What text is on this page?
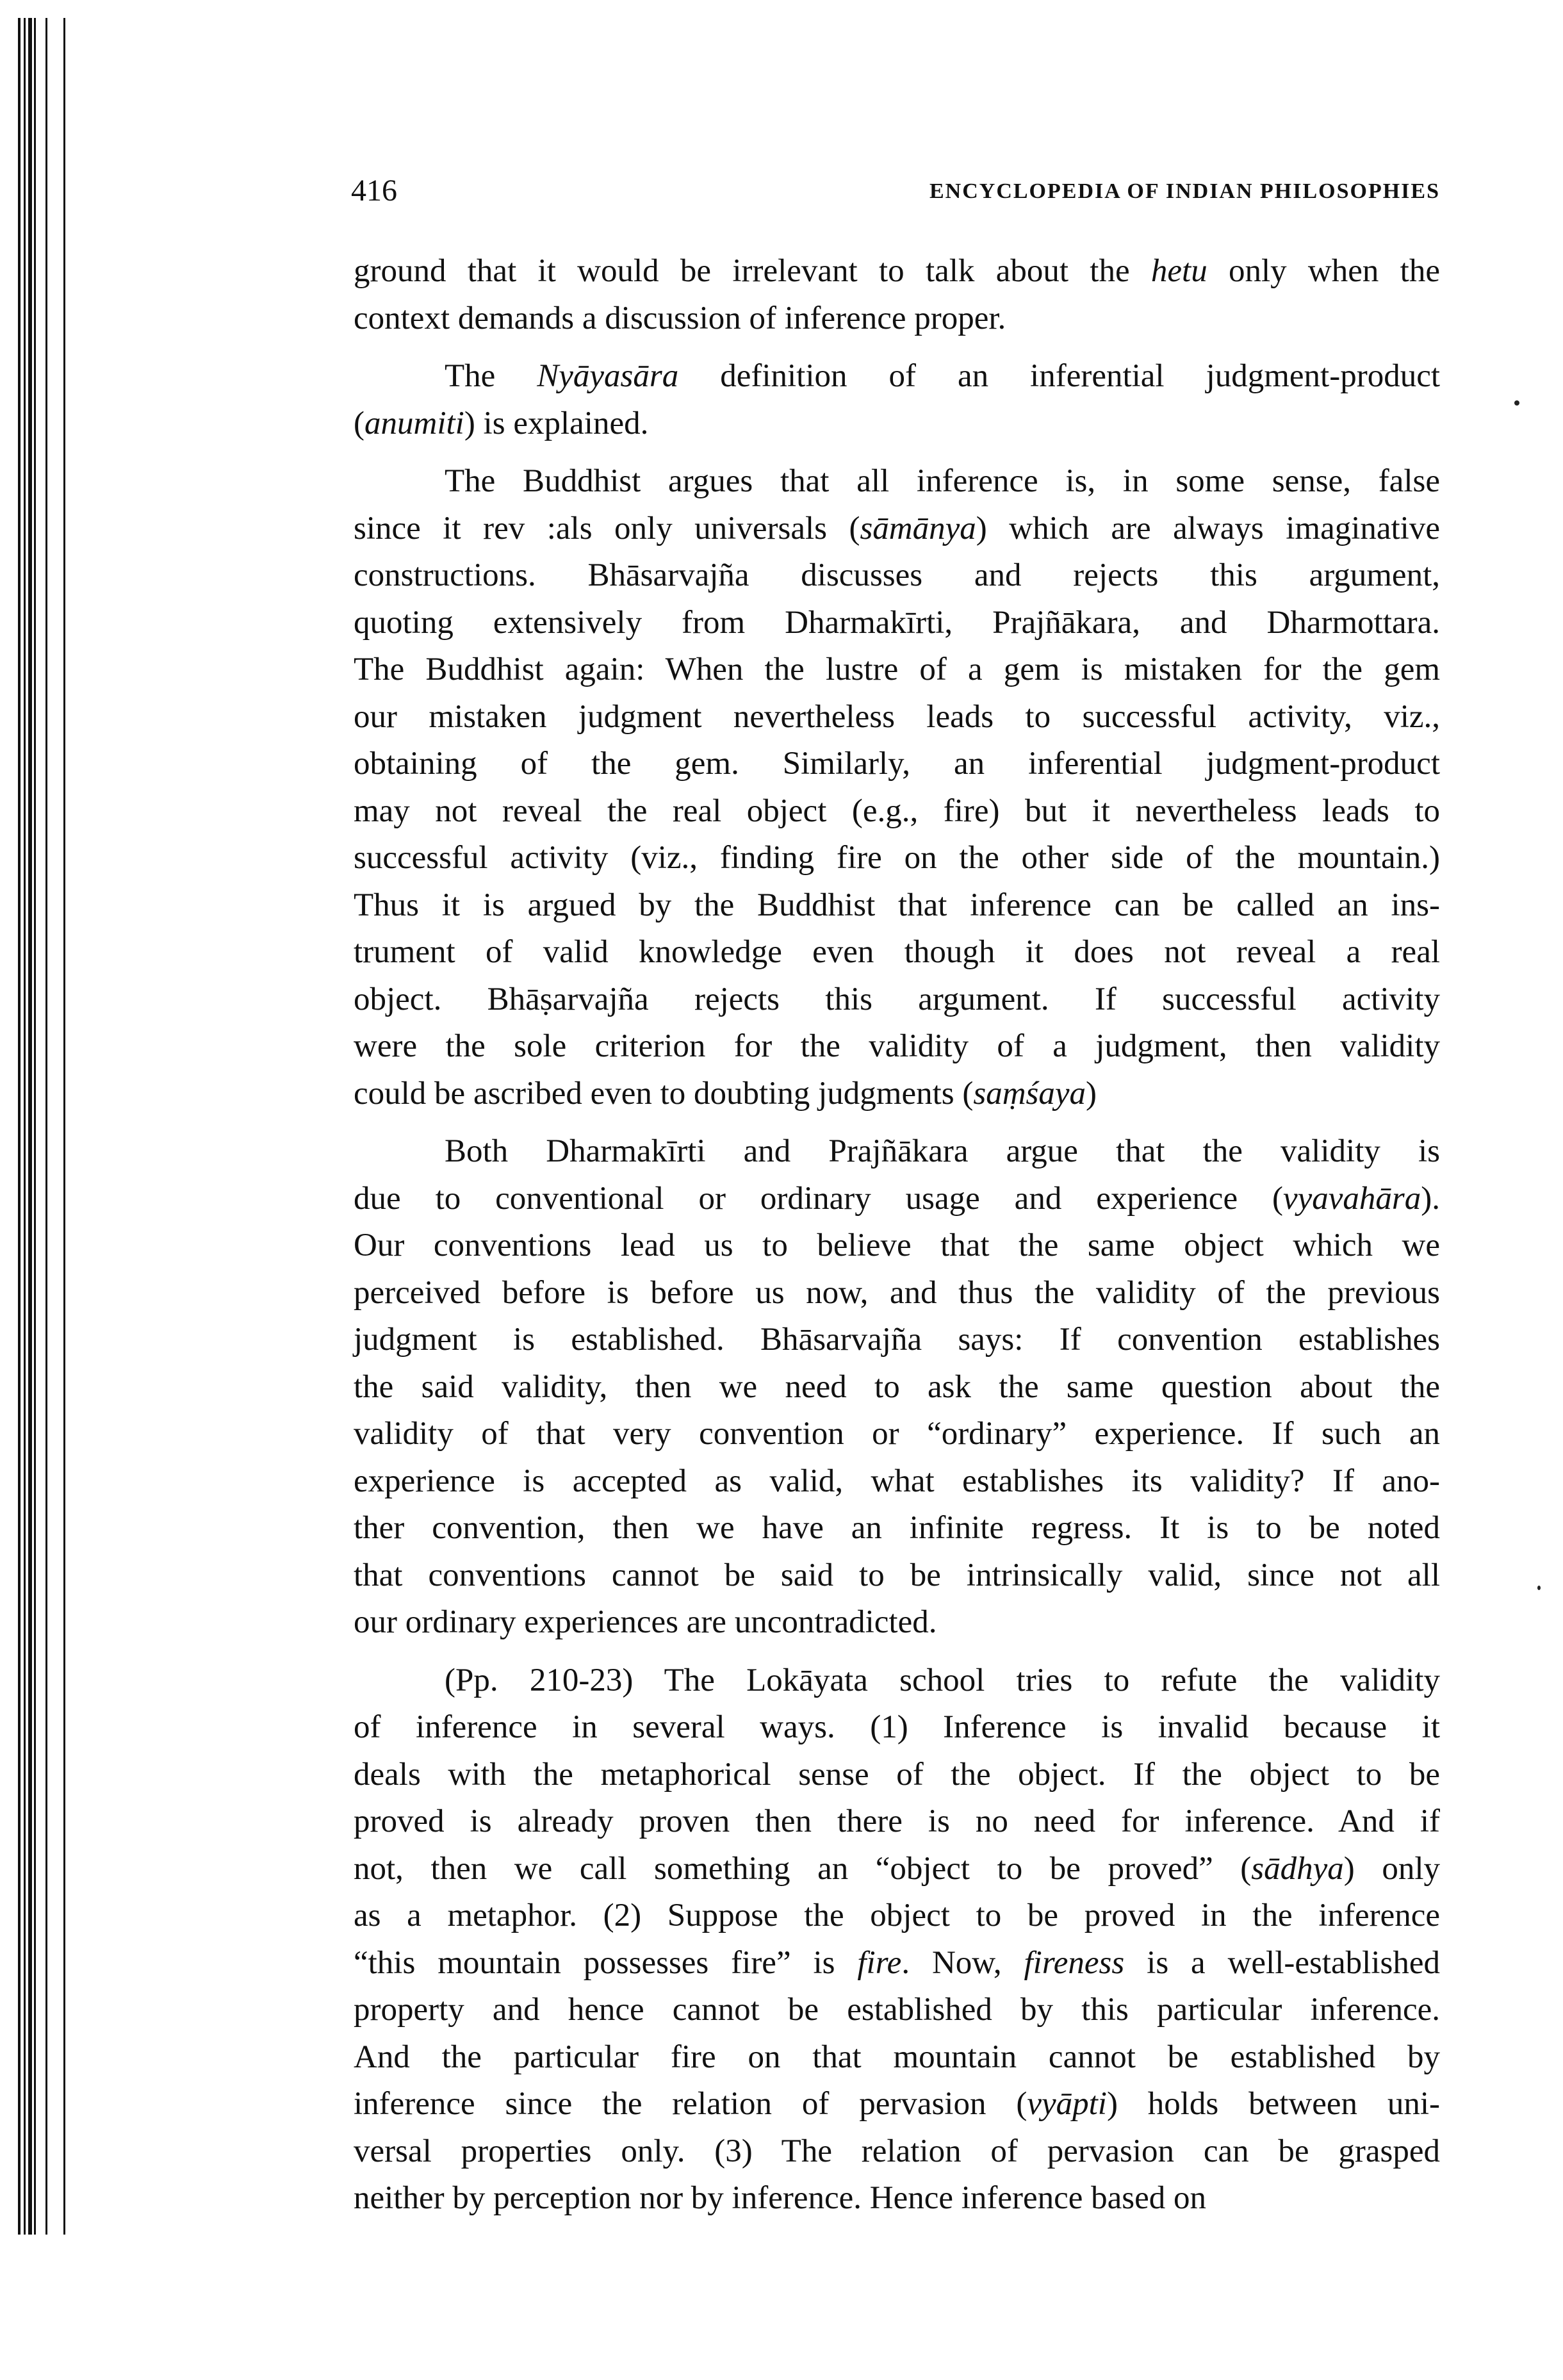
416	ENCYCLOPEDIA OF INDIAN PHILOSOPHIES
ground that it would be irrelevant to talk about the hetu only when the
context demands a discussion of inference proper.
The Nyāyasāra definition of an inferential judgment-product
(anumiti) is explained.
The Buddhist argues that all inference is, in some sense, false
since it rev :als only universals (sāmānya) which are always imaginative
constructions. Bhāsarvajña discusses and rejects this argument,
quoting extensively from Dharmakīrti, Prajñākara, and Dharmottara.
The Buddhist again: When the lustre of a gem is mistaken for the gem
our mistaken judgment nevertheless leads to successful activity, viz.,
obtaining of the gem. Similarly, an inferential judgment-product
may not reveal the real object (e.g., fire) but it nevertheless leads to
successful activity (viz., finding fire on the other side of the mountain.)
Thus it is argued by the Buddhist that inference can be called an ins-
trument of valid knowledge even though it does not reveal a real
object. Bhāṣarvajña rejects this argument. If successful activity
were the sole criterion for the validity of a judgment, then validity
could be ascribed even to doubting judgments (saṃśaya)
Both Dharmakīrti and Prajñākara argue that the validity is
due to conventional or ordinary usage and experience (vyavahāra).
Our conventions lead us to believe that the same object which we
perceived before is before us now, and thus the validity of the previous
judgment is established. Bhāsarvajña says: If convention establishes
the said validity, then we need to ask the same question about the
validity of that very convention or “ordinary” experience. If such an
experience is accepted as valid, what establishes its validity? If ano-
ther convention, then we have an infinite regress. It is to be noted
that conventions cannot be said to be intrinsically valid, since not all
our ordinary experiences are uncontradicted.
(Pp. 210-23) The Lokāyata school tries to refute the validity
of inference in several ways. (1) Inference is invalid because it
deals with the metaphorical sense of the object. If the object to be
proved is already proven then there is no need for inference. And if
not, then we call something an “object to be proved” (sādhya) only
as a metaphor. (2) Suppose the object to be proved in the inference
“this mountain possesses fire” is fire. Now, fireness is a well-established
property and hence cannot be established by this particular inference.
And the particular fire on that mountain cannot be established by
inference since the relation of pervasion (vyāpti) holds between uni-
versal properties only. (3) The relation of pervasion can be grasped
neither by perception nor by inference. Hence inference based on
